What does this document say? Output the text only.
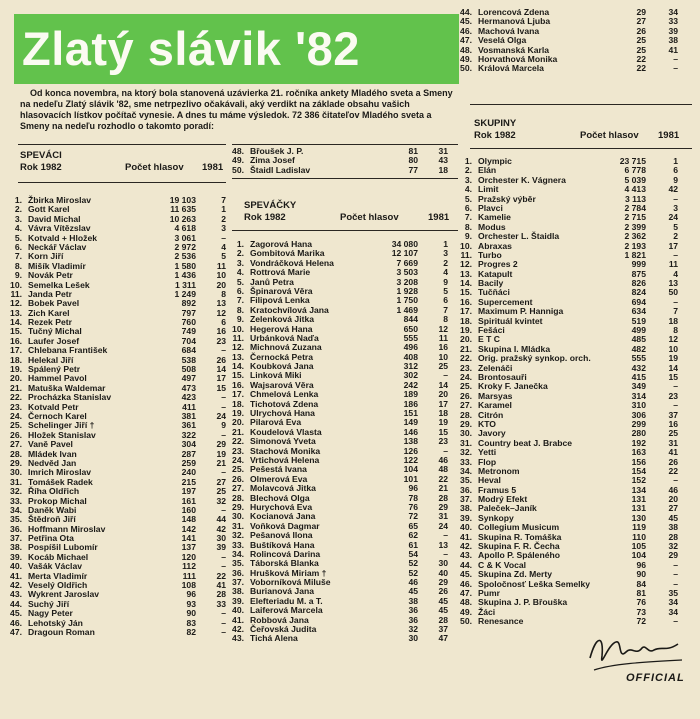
Zlatý slávik '82

Od konca novembra, na ktorý bola stanovená uzávierka 21. ročníka ankety Mladého sveta a Smeny na nedeľu Zlatý slávik '82, sme netrpezlivo očakávali, aký verdikt na základe obsahu vašich hlasovacích lístkov počítač vynesie. A dnes tu máme výsledok. 72 386 čitateľov Mladého sveta a Smeny na nedeľu rozhodlo o takomto poradí:

SPEVÁCI
Rok 1982	Počet hlasov 1981
1. Žbirka Miroslav	19 103	7
2. Gott Karel	11 635	1
3. David Michal	10 263	2
4. Vávra Vítězslav	4 618	3
5. Kotvald + Hložek	3 061	–
6. Neckář Václav	2 972	4
7. Korn Jiří	2 536	5
8. Mišík Vladimír	1 580	11
9. Novák Petr	1 436	10
10. Semelka Lešek	1 311	20
11. Janda Petr	1 249	8
12. Bobek Pavel	892	13
13. Zich Karel	797	12
14. Rezek Petr	760	6
15. Tučný Michal	749	16
16. Laufer Josef	704	23
17. Chlebana František	684	–
18. Helekal Jiří	538	26
19. Spálený Petr	508	14
20. Hammel Pavol	497	17
21. Matuška Waldemar	473	15
22. Procházka Stanislav	423	–
23. Kotvald Petr	411	–
24. Černoch Karel	381	24
25. Schelinger Jiří †	361	9
26. Hložek Stanislav	322	–
27. Vaně Pavel	304	29
28. Mládek Ivan	287	19
29. Nedvěd Jan	259	21
30. Imrich Miroslav	240	–
31. Tomášek Radek	215	27
32. Říha Oldřich	197	25
33. Prokop Michal	161	32
34. Daněk Wabi	160	–
35. Štědroň Jiří	148	44
36. Hoffmann Miroslav	142	42
37. Petřina Ota	141	30
38. Pospíšil Lubomír	137	39
39. Kocáb Michael	120	–
40. Vašák Václav	112	–
41. Merta Vladimír	111	22
42. Veselý Oldřich	108	41
43. Wykrent Jaroslav	96	28
44. Suchý Jiří	93	33
45. Nagy Peter	90	–
46. Lehotský Ján	83	–
47. Dragoun Roman	82	–
48. Břoušek J. P.	81	31
49. Zima Josef	80	43
50. Štaidl Ladislav	77	18
SPEVÁČKY
Rok 1982	Počet hlasov	1981
1. Zagorová Hana	34 080	1
2. Gombitová Marika	12 107	3
3. Vondráčková Helena	7 669	2
4. Rottrová Marie	3 503	4
5. Janů Petra	3 208	9
6. Špinarová Věra	1 928	5
7. Filipová Lenka	1 750	6
8. Kratochvílová Jana	1 469	7
9. Zelenková Jitka	844	8
10. Hegerová Hana	650	12
11. Urbánková Naďa	555	11
12. Michnová Zuzana	496	16
13. Černocká Petra	408	10
14. Koubková Jana	312	25
15. Linková Miki	302	–
16. Wajsarová Věra	242	14
17. Chmelová Lenka	189	20
18. Tichotová Zdena	186	17
19. Ulrychová Hana	151	18
20. Pilarová Eva	149	19
21. Koudelová Vlasta	146	15
22. Simonová Yveta	138	23
23. Stachová Monika	126	–
24. Vrtichová Helena	122	46
25. Pešestá Ivana	104	48
26. Olmerová Eva	101	22
27. Molavcová Jitka	96	21
28. Blechová Olga	78	28
29. Hurychová Eva	76	29
30. Kocianová Jana	72	31
31. Voňková Dagmar	65	24
32. Pešanová Ilona	62	–
33. Buštíková Hana	61	13
34. Rolincová Darina	54	–
35. Táborská Blanka	52	30
36. Hrušková Miriam †	52	40
37. Voborníková Miluše	46	29
38. Burianová Jana	45	26
39. Elefteriadu M. a T.	38	45
40. Laiferová Marcela	36	45
41. Robbová Jana	36	28
42. Čeřovská Judita	32	37
43. Tichá Alena	30	47
44. Lorencová Zdena	29	34
45. Hermanová Ljuba	27	33
46. Machová Ivana	26	39
47. Veselá Olga	25	38
48. Vosmanská Karla	25	41
49. Horvathová Monika	22	–
50. Králová Marcela	22	–
SKUPINY
Rok 1982	Počet hlasov 1981
1. Olympic	23 715	1
2. Elán	6 778	6
3. Orchester K. Vágnera	5 039	9
4. Limit	4 413	42
5. Pražský výběr	3 113	–
6. Plavci	2 784	3
7. Kamelie	2 715	24
8. Modus	2 399	5
9. Orchester L. Štaidla	2 362	2
10. Abraxas	2 193	17
11. Turbo	1 821	–
12. Progres 2	999	11
13. Katapult	875	4
14. Bacily	826	13
15. Tučňáci	824	50
16. Supercement	694	–
17. Maximum P. Hanniga	634	7
18. Spirituál kvintet	519	18
19. Fešáci	499	8
20. E T C	485	12
21. Skupina I. Mládka	482	10
22. Orig. pražský synkop. orch.	555	19
23. Zelenáči	432	14
24. Brontosauři	415	15
25. Kroky F. Janečka	349	–
26. Marsyas	314	23
27. Karamel	310	–
28. Citrón	306	37
29. KTO	299	16
30. Javory	280	25
31. Country beat J. Brabce	192	31
32. Yetti	163	41
33. Flop	156	26
34. Metronom	154	22
35. Heval	152	–
36. Framus 5	134	46
37. Modrý Efekt	131	20
38. Paleček–Janík	131	27
39. Synkopy	130	45
40. Collegium Musicum	119	38
41. Skupina R. Tomáška	110	28
42. Skupina F. R. Čecha	105	32
43. Apollo P. Spáleného	104	29
44. C & K Vocal	96	–
45. Skupina Zd. Merty	90	–
46. Spoločnosť Leška Semelky	84	–
47. Pumr	81	35
48. Skupina J. P. Břouška	76	34
49. Žáci	73	34
50. Renesance	72	–
OFFICIAL
